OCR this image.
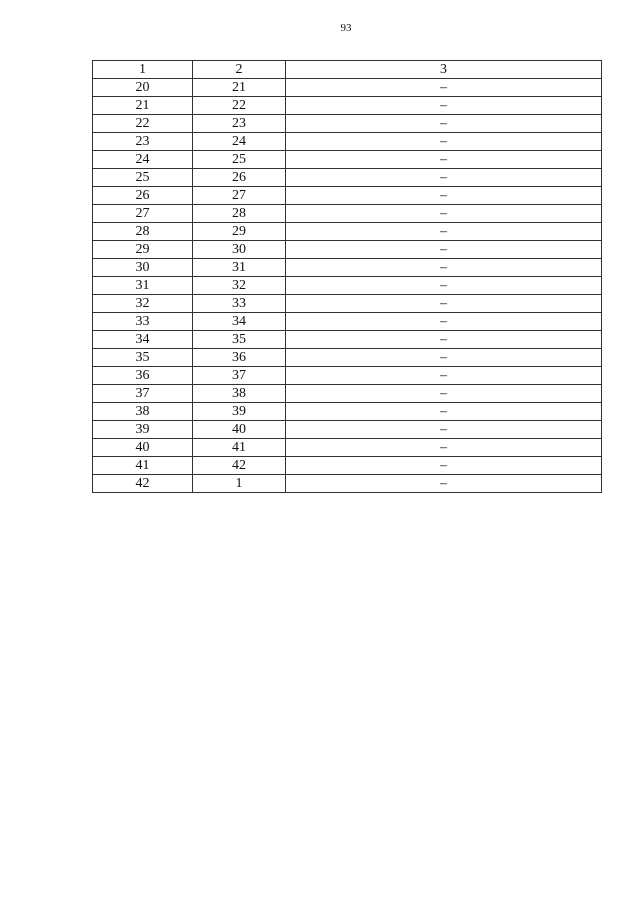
93
1	2	3
20	21	–
21	22	–
22	23	–
23	24	–
24	25	–
25	26	–
26	27	–
27	28	–
28	29	–
29	30	–
30	31	–
31	32	–
32	33	–
33	34	–
34	35	–
35	36	–
36	37	–
37	38	–
38	39	–
39	40	–
40	41	–
41	42	–
42	1	–
